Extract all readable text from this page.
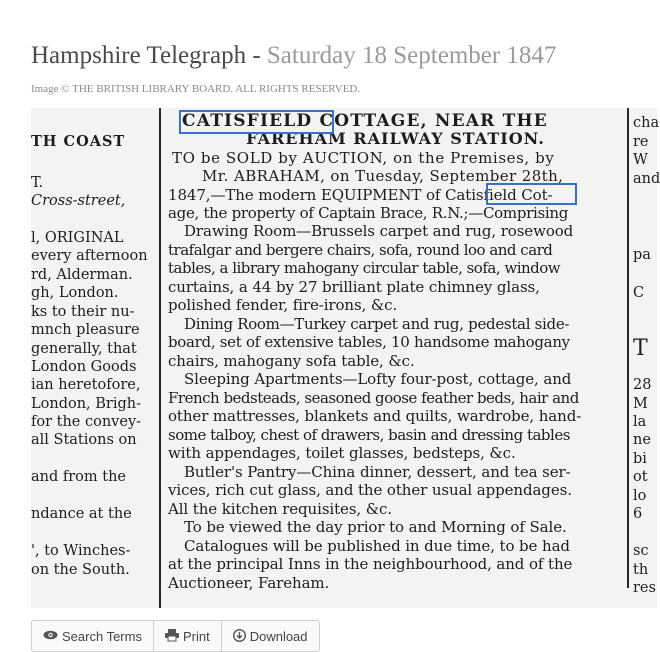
Hampshire Telegraph - Saturday 18 September 1847
Image © THE BRITISH LIBRARY BOARD. ALL RIGHTS RESERVED.
TH COAST
T.
Cross-street,
l, ORIGINAL
every afternoon
rd, Alderman.
gh, London.
ks to their nu-
mnch pleasure
generally, that
London Goods
ian heretofore,
London, Brigh-
for the convey-
all Stations on
and from the
ndance at the
', to Winches-
on the South.
CATISFIELD COTTAGE, NEAR THE
FAREHAM RAILWAY STATION.
TO be SOLD by AUCTION, on the Premises, by
Mr. ABRAHAM, on Tuesday, September 28th,
1847,—The modern EQUIPMENT of Catisfield Cot-
age, the property of Captain Brace, R.N.;—Comprising
Drawing Room—Brussels carpet and rug, rosewood
trafalgar and bergere chairs, sofa, round loo and card
tables, a library mahogany circular table, sofa, window
curtains, a 44 by 27 brilliant plate chimney glass,
polished fender, fire-irons, &c.
Dining Room—Turkey carpet and rug, pedestal side-
board, set of extensive tables, 10 handsome mahogany
chairs, mahogany sofa table, &c.
Sleeping Apartments—Lofty four-post, cottage, and
French bedsteads, seasoned goose feather beds, hair and
other mattresses, blankets and quilts, wardrobe, hand-
some talboy, chest of drawers, basin and dressing tables
with appendages, toilet glasses, bedsteps, &c.
Butler's Pantry—China dinner, dessert, and tea ser-
vices, rich cut glass, and the other usual appendages.
All the kitchen requisites, &c.
To be viewed the day prior to and Morning of Sale.
Catalogues will be published in due time, to be had
at the principal Inns in the neighbourhood, and of the
Auctioneer, Fareham.
cha
re
W
and
pa
C
T
28
M
la
ne
bi
ot
lo
6
sc
th
res
Search Terms	Print	Download
